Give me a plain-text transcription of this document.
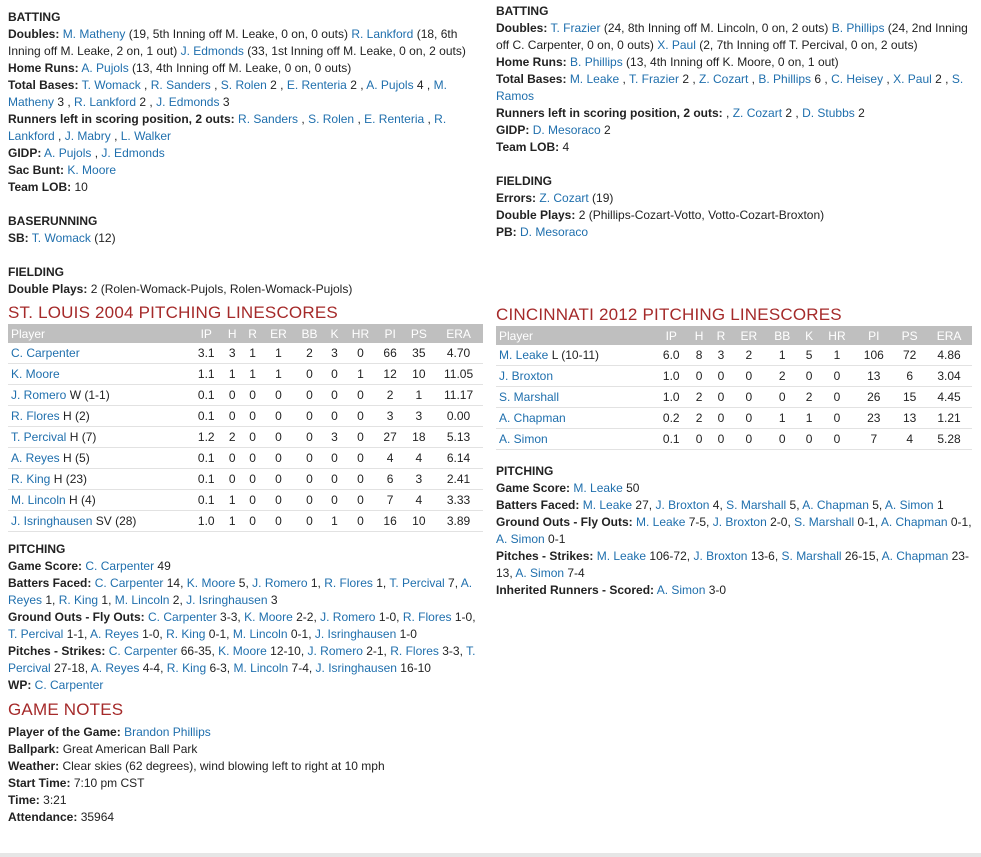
BATTING

Doubles: M. Matheny (19, 5th Inning off M. Leake, 0 on, 0 outs) R. Lankford (18, 6th Inning off M. Leake, 2 on, 1 out) J. Edmonds (33, 1st Inning off M. Leake, 0 on, 2 outs)

Home Runs: A. Pujols (13, 4th Inning off M. Leake, 0 on, 0 outs)

Total Bases: T. Womack , R. Sanders , S. Rolen 2 , E. Renteria 2 , A. Pujols 4 , M. Matheny 3 , R. Lankford 2 , J. Edmonds 3

Runners left in scoring position, 2 outs: R. Sanders , S. Rolen , E. Renteria , R. Lankford , J. Mabry , L. Walker

GIDP: A. Pujols , J. Edmonds

Sac Bunt: K. Moore

Team LOB: 10

BASERUNNING

SB: T. Womack (12)

FIELDING

Double Plays: 2 (Rolen-Womack-Pujols, Rolen-Womack-Pujols)

ST. LOUIS 2004 PITCHING LINESCORES
Player	IP	H	R	ER	BB	K	HR	PI	PS	ERA
C. Carpenter	3.1	3	1	1	2	3	0	66	35	4.70
K. Moore	1.1	1	1	1	0	0	1	12	10	11.05
J. Romero W (1-1)	0.1	0	0	0	0	0	0	2	1	11.17
R. Flores H (2)	0.1	0	0	0	0	0	0	3	3	0.00
T. Percival H (7)	1.2	2	0	0	0	3	0	27	18	5.13
A. Reyes H (5)	0.1	0	0	0	0	0	0	4	4	6.14
R. King H (23)	0.1	0	0	0	0	0	0	6	3	2.41
M. Lincoln H (4)	0.1	1	0	0	0	0	0	7	4	3.33
J. Isringhausen SV (28)	1.0	1	0	0	0	1	0	16	10	3.89

PITCHING

Game Score: C. Carpenter 49

Batters Faced: C. Carpenter 14, K. Moore 5, J. Romero 1, R. Flores 1, T. Percival 7, A. Reyes 1, R. King 1, M. Lincoln 2, J. Isringhausen 3

Ground Outs - Fly Outs: C. Carpenter 3-3, K. Moore 2-2, J. Romero 1-0, R. Flores 1-0, T. Percival 1-1, A. Reyes 1-0, R. King 0-1, M. Lincoln 0-1, J. Isringhausen 1-0

Pitches - Strikes: C. Carpenter 66-35, K. Moore 12-10, J. Romero 2-1, R. Flores 3-3, T. Percival 27-18, A. Reyes 4-4, R. King 6-3, M. Lincoln 7-4, J. Isringhausen 16-10

WP: C. Carpenter

GAME NOTES

Player of the Game: Brandon Phillips

Ballpark: Great American Ball Park

Weather: Clear skies (62 degrees), wind blowing left to right at 10 mph

Start Time: 7:10 pm CST

Time: 3:21

Attendance: 35964

BATTING

Doubles: T. Frazier (24, 8th Inning off M. Lincoln, 0 on, 2 outs) B. Phillips (24, 2nd Inning off C. Carpenter, 0 on, 0 outs) X. Paul (2, 7th Inning off T. Percival, 0 on, 2 outs)

Home Runs: B. Phillips (13, 4th Inning off K. Moore, 0 on, 1 out)

Total Bases: M. Leake , T. Frazier 2 , Z. Cozart , B. Phillips 6 , C. Heisey , X. Paul 2 , S. Ramos

Runners left in scoring position, 2 outs: , Z. Cozart 2 , D. Stubbs 2

GIDP: D. Mesoraco 2

Team LOB: 4

FIELDING

Errors: Z. Cozart (19)

Double Plays: 2 (Phillips-Cozart-Votto, Votto-Cozart-Broxton)

PB: D. Mesoraco

CINCINNATI 2012 PITCHING LINESCORES
Player	IP	H	R	ER	BB	K	HR	PI	PS	ERA
M. Leake L (10-11)	6.0	8	3	2	1	5	1	106	72	4.86
J. Broxton	1.0	0	0	0	2	0	0	13	6	3.04
S. Marshall	1.0	2	0	0	0	2	0	26	15	4.45
A. Chapman	0.2	2	0	0	1	1	0	23	13	1.21
A. Simon	0.1	0	0	0	0	0	0	7	4	5.28

PITCHING

Game Score: M. Leake 50

Batters Faced: M. Leake 27, J. Broxton 4, S. Marshall 5, A. Chapman 5, A. Simon 1

Ground Outs - Fly Outs: M. Leake 7-5, J. Broxton 2-0, S. Marshall 0-1, A. Chapman 0-1, A. Simon 0-1

Pitches - Strikes: M. Leake 106-72, J. Broxton 13-6, S. Marshall 26-15, A. Chapman 23-13, A. Simon 7-4

Inherited Runners - Scored: A. Simon 3-0
